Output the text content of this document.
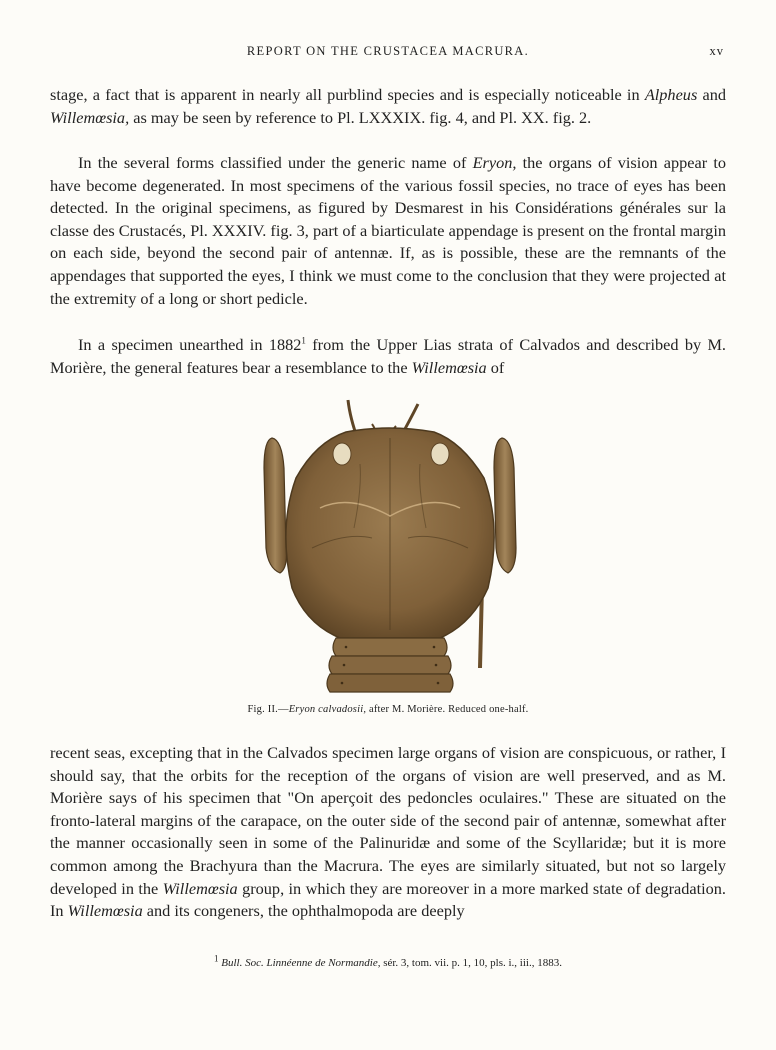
REPORT ON THE CRUSTACEA MACRURA.	xv

stage, a fact that is apparent in nearly all purblind species and is especially noticeable in Alpheus and Willemœsia, as may be seen by reference to Pl. LXXXIX. fig. 4, and Pl. XX. fig. 2.

In the several forms classified under the generic name of Eryon, the organs of vision appear to have become degenerated. In most specimens of the various fossil species, no trace of eyes has been detected. In the original specimens, as figured by Desmarest in his Considérations générales sur la classe des Crustacés, Pl. XXXIV. fig. 3, part of a biarticulate appendage is present on the frontal margin on each side, beyond the second pair of antennæ. If, as is possible, these are the remnants of the appendages that supported the eyes, I think we must come to the conclusion that they were projected at the extremity of a long or short pedicle.

In a specimen unearthed in 1882$^1$ from the Upper Lias strata of Calvados and described by M. Morière, the general features bear a resemblance to the Willemœsia of

Fig. II.—Eryon calvadosii, after M. Morière. Reduced one-half.

recent seas, excepting that in the Calvados specimen large organs of vision are conspicuous, or rather, I should say, that the orbits for the reception of the organs of vision are well preserved, and as M. Morière says of his specimen that "On aperçoit des pedoncles oculaires." These are situated on the fronto-lateral margins of the carapace, on the outer side of the second pair of antennæ, somewhat after the manner occasionally seen in some of the Palinuridæ and some of the Scyllaridæ; but it is more common among the Brachyura than the Macrura. The eyes are similarly situated, but not so largely developed in the Willemœsia group, in which they are moreover in a more marked state of degradation. In Willemœsia and its congeners, the ophthalmopoda are deeply

$^1$ Bull. Soc. Linnéenne de Normandie, sér. 3, tom. vii. p. 1, 10, pls. i., iii., 1883.
